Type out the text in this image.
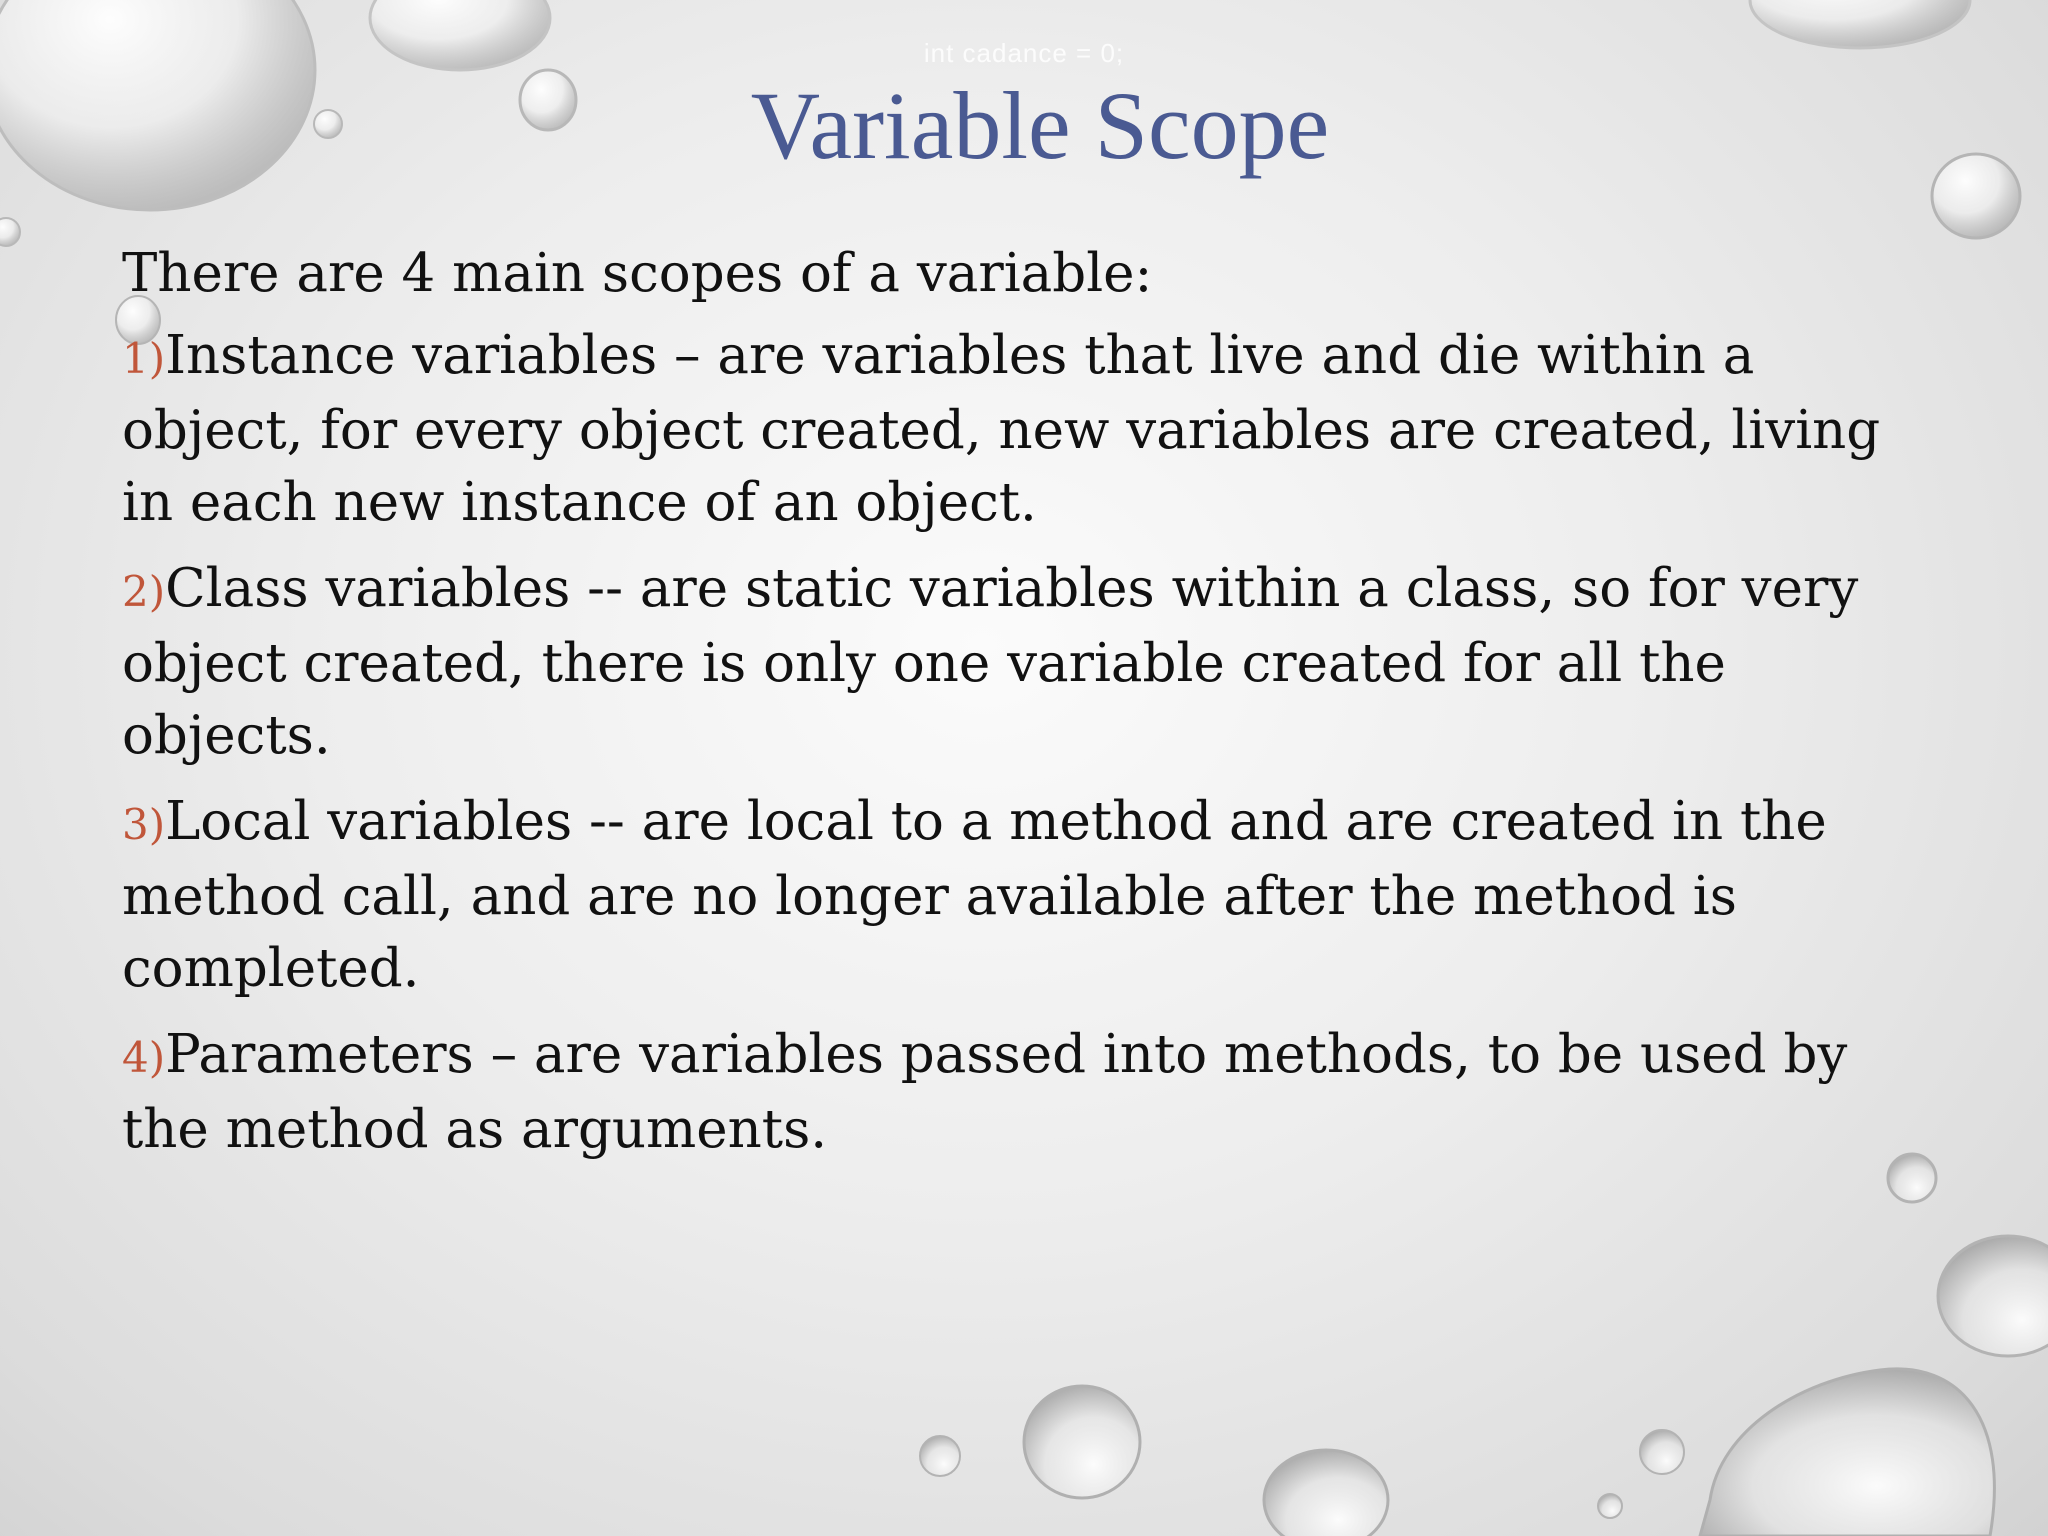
int cadance = 0;
Variable Scope

There are 4 main scopes of a variable:

1)Instance variables – are variables that live and die within a object, for every object created, new variables are created, living in each new instance of an object.

2)Class variables -- are static variables within a class, so for very object created, there is only one variable created for all the objects.

3)Local variables -- are local to a method and are created in the method call, and are no longer available after the method is completed.

4)Parameters – are variables passed into methods, to be used by the method as arguments.
